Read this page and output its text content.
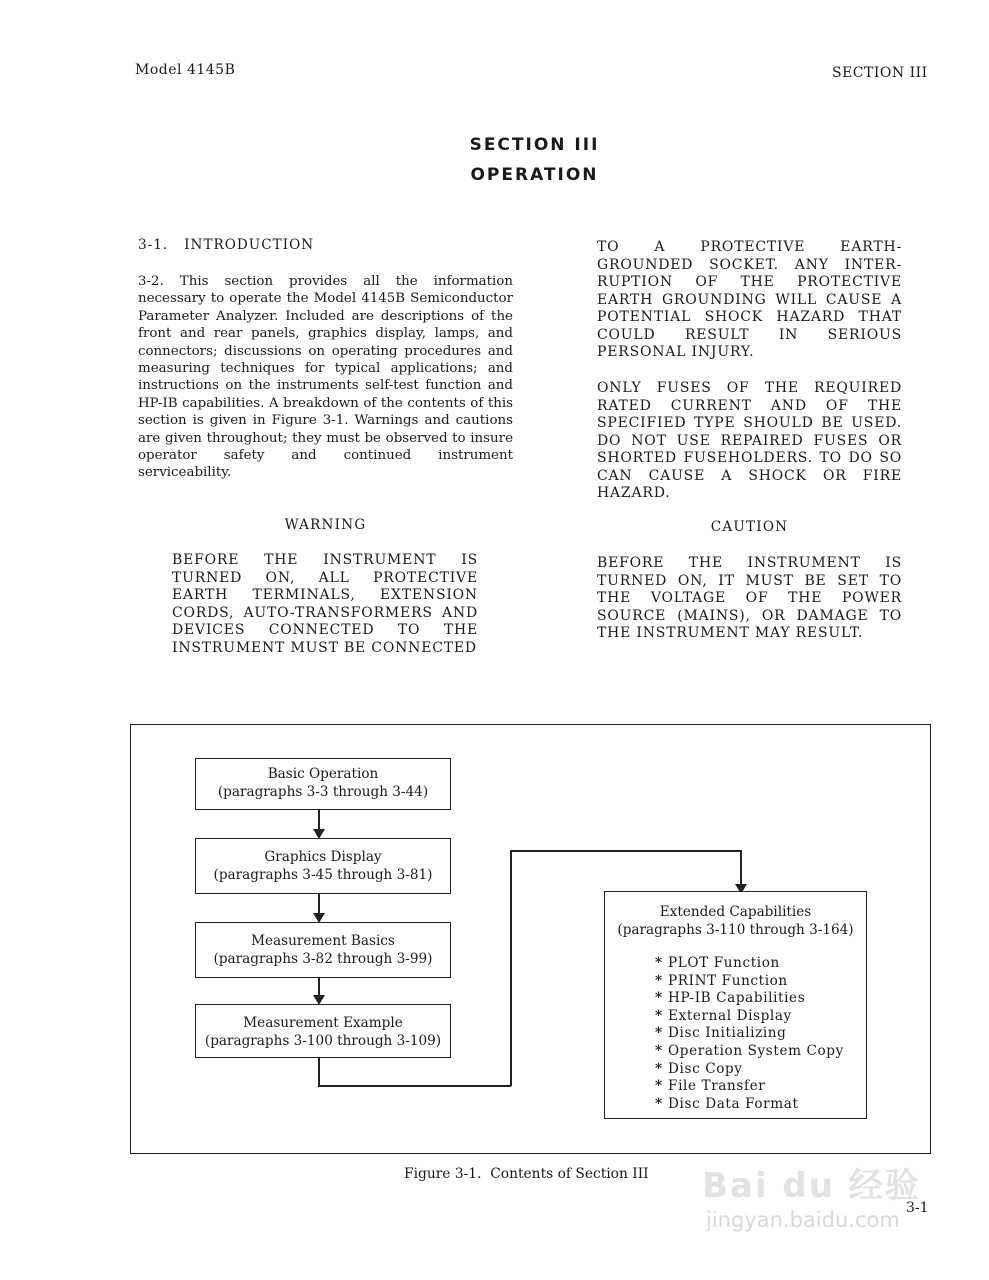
Model 4145B	SECTION III
SECTION III
OPERATION
3-1.   INTRODUCTION
3-2. This section provides all the information necessary to operate the Model 4145B Semiconductor Parameter Analyzer. Included are descriptions of the front and rear panels, graphics display, lamps, and connectors; discussions on operating procedures and measuring techniques for typical applications; and instructions on the instruments self-test function and HP-IB capabilities. A breakdown of the contents of this section is given in Figure 3-1. Warnings and cautions are given throughout; they must be observed to insure operator safety and continued instrument serviceability.
WARNING
BEFORE THE INSTRUMENT IS TURNED ON, ALL PROTECTIVE EARTH TERMINALS, EXTENSION CORDS, AUTO-TRANSFORMERS AND DEVICES CONNECTED TO THE INSTRUMENT MUST BE CONNECTED
TO A PROTECTIVE EARTH-GROUNDED SOCKET. ANY INTER-RUPTION OF THE PROTECTIVE EARTH GROUNDING WILL CAUSE A POTENTIAL SHOCK HAZARD THAT COULD RESULT IN SERIOUS PERSONAL INJURY.
ONLY FUSES OF THE REQUIRED RATED CURRENT AND OF THE SPECIFIED TYPE SHOULD BE USED. DO NOT USE REPAIRED FUSES OR SHORTED FUSEHOLDERS. TO DO SO CAN CAUSE A SHOCK OR FIRE HAZARD.
CAUTION
BEFORE THE INSTRUMENT IS TURNED ON, IT MUST BE SET TO THE VOLTAGE OF THE POWER SOURCE (MAINS), OR DAMAGE TO THE INSTRUMENT MAY RESULT.
Basic Operation
(paragraphs 3-3 through 3-44)
Graphics Display
(paragraphs 3-45 through 3-81)
Measurement Basics
(paragraphs 3-82 through 3-99)
Measurement Example
(paragraphs 3-100 through 3-109)
Extended Capabilities
(paragraphs 3-110 through 3-164)
* PLOT Function
* PRINT Function
* HP-IB Capabilities
* External Display
* Disc Initializing
* Operation System Copy
* Disc Copy
* File Transfer
* Disc Data Format
Figure 3-1.  Contents of Section III Bai du 经验
jingyan.baidu.com 3-1
